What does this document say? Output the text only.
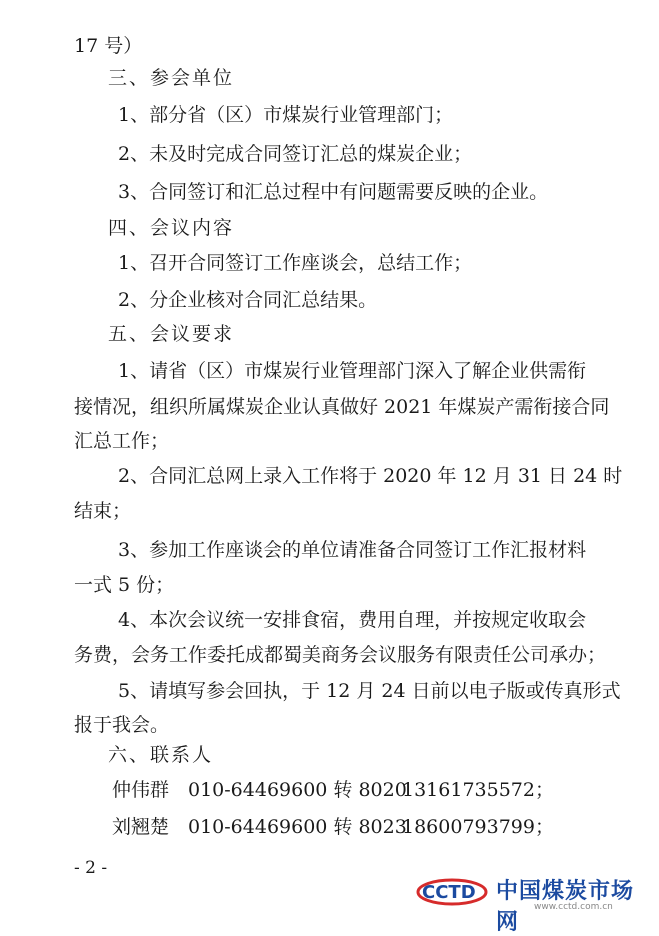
17 号）
三、参会单位
1、部分省（区）市煤炭行业管理部门；
2、未及时完成合同签订汇总的煤炭企业；
3、合同签订和汇总过程中有问题需要反映的企业。
四、会议内容
1、召开合同签订工作座谈会，总结工作；
2、分企业核对合同汇总结果。
五、会议要求
1、请省（区）市煤炭行业管理部门深入了解企业供需衔
接情况，组织所属煤炭企业认真做好 2021 年煤炭产需衔接合同
汇总工作；
2、合同汇总网上录入工作将于 2020 年 12 月 31 日 24 时
结束；
3、参加工作座谈会的单位请准备合同签订工作汇报材料
一式 5 份；
4、本次会议统一安排食宿，费用自理，并按规定收取会
务费，会务工作委托成都蜀美商务会议服务有限责任公司承办；
5、请填写参会回执，于 12 月 24 日前以电子版或传真形式
报于我会。
六、联系人
仲伟群 010-64469600 转 8020
13161735572；
刘翘楚 010-64469600 转 8023
18600793799；
- 2 -
CCTD 中国煤炭市场网
www.cctd.com.cn
